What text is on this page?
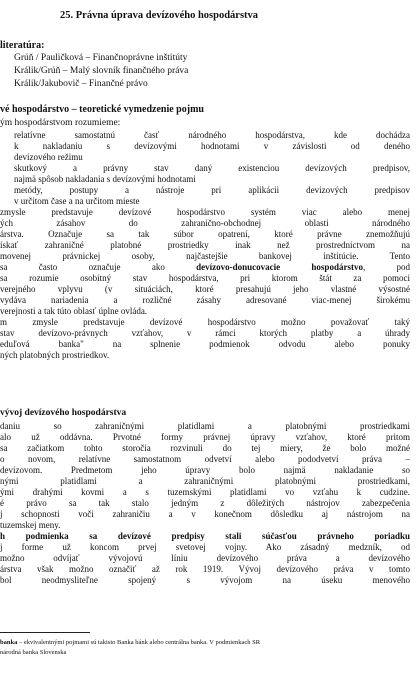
25. Právna úprava devízového hospodárstva
literatúra:
Grúň / Pauličková – Finančnoprávne inštitúty
Králik/Grúň – Malý slovník finančného práva
Králik/Jakubovič – Finančné právo
vé hospodárstvo – teoretické vymedzenie pojmu
ým hospodárstvom rozumieme:
relatívne samostatnú časť národného hospodárstva, kde dochádza
k nakladaniu s devízovými hodnotami v závislosti od deného
devízového režimu
skutkový a právny stav daný existenciou devízových predpisov,
najmä spôsob nakladania s devízovými hodnotami
metódy, postupy a nástroje pri aplikácii devízových predpisov
v určitom čase a na určitom mieste
zmysle predstavuje devízové hospodárstvo systém viac alebo menej
ých zásahov do zahranično-obchodnej oblasti národného
árstva. Označuje sa tak súbor opatrení, ktoré právne znemožňujú
ískať zahraničné platobné prostriedky inak než prostredníctvom na
movenej právnickej osoby, najčastejšie bankovej inštitúcie. Tento
sa často označuje ako devízovo-donucovacie hospodárstvo, pod
sa rozumie osobitný stav hospodárstva, pri ktorom štát za pomoci
verejného vplyvu (v situáciách, ktoré presahujú jeho vlastné výsostné
vydáva nariadenia a rozličné zásahy adresované viac-menej širokému
verejnosti a tak túto oblasť úplne ovláda.
m zmysle predstavuje devízové hospodárstvo možno považovať taký
stav devízovo-právnych vzťahov, v rámci ktorých platby a úhrady
eduľová banka" na splnenie podmienok odvodu alebo ponuky
ných platobných prostriedkov.
vývoj devízového hospodárstva
daniu so zahraničnými platidlami a platobnými prostriedkami
alo už oddávna. Prvotné formy právnej úpravy vzťahov, ktoré pritom
sa začiatkom tohto storočia rozvinuli do tej miery, že bolo možné
o novom, relatívne samostatnom odvetví alebo pododvetví práva –
devízovom. Predmetom jeho úpravy bolo najmä nakladanie so
nými platidlami a zahraničnými platobnými prostriedkami,
ými drahými kovmi a s tuzemskými platidlami vo vzťahu k cudzine.
é právo sa tak stalo jedným z dôležitých nástrojov zabezpečenia
j schopnosti voči zahraničiu a v konečnom dôsledku aj nástrojom na
tuzemskej meny.
h podmienka sa devízové predpisy stali súčasťou právneho poriadku
j forme už koncom prvej svetovej vojny. Ako zásadný medzník, od
možno odvíjať vývojovú líniu devízového práva a devízového
árstva však možno označiť až rok 1919. Vývoj devízového práva v tomto
bol neodmysliteľne spojený s vývojom na úseku menového
banka – ekvivalentnými pojmami sú takisto Banka bánk alebo centrálna banka. V podmienkach SR
národná banka Slovenska
